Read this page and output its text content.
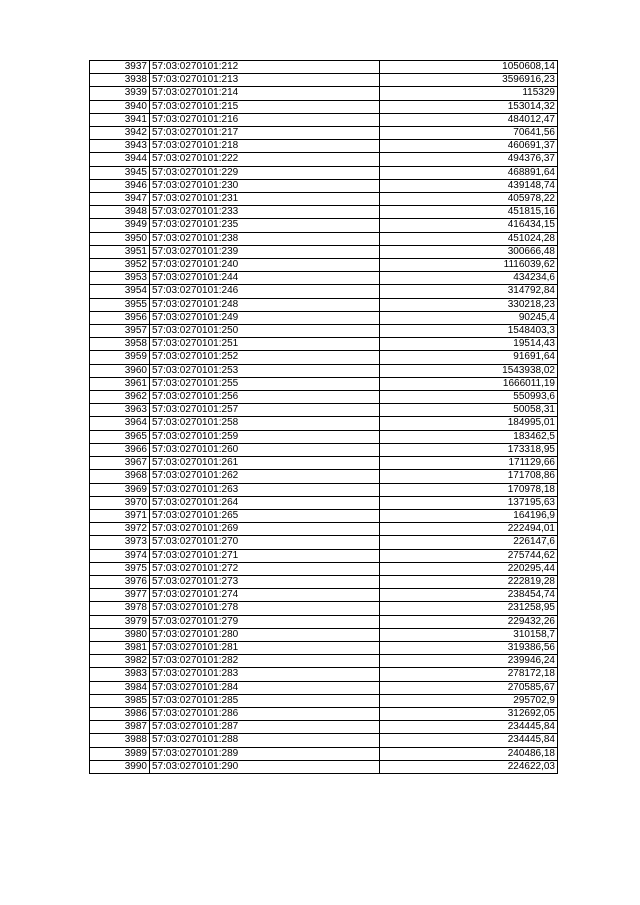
3937	57:03:0270101:212	1050608,14
3938	57:03:0270101:213	3596916,23
3939	57:03:0270101:214	115329
3940	57:03:0270101:215	153014,32
3941	57:03:0270101:216	484012,47
3942	57:03:0270101:217	70641,56
3943	57:03:0270101:218	460691,37
3944	57:03:0270101:222	494376,37
3945	57:03:0270101:229	468891,64
3946	57:03:0270101:230	439148,74
3947	57:03:0270101:231	405978,22
3948	57:03:0270101:233	451815,16
3949	57:03:0270101:235	416434,15
3950	57:03:0270101:238	451024,28
3951	57:03:0270101:239	300666,48
3952	57:03:0270101:240	1116039,62
3953	57:03:0270101:244	434234,6
3954	57:03:0270101:246	314792,84
3955	57:03:0270101:248	330218,23
3956	57:03:0270101:249	90245,4
3957	57:03:0270101:250	1548403,3
3958	57:03:0270101:251	19514,43
3959	57:03:0270101:252	91691,64
3960	57:03:0270101:253	1543938,02
3961	57:03:0270101:255	1666011,19
3962	57:03:0270101:256	550993,6
3963	57:03:0270101:257	50058,31
3964	57:03:0270101:258	184995,01
3965	57:03:0270101:259	183462,5
3966	57:03:0270101:260	173318,95
3967	57:03:0270101:261	171129,66
3968	57:03:0270101:262	171708,86
3969	57:03:0270101:263	170978,18
3970	57:03:0270101:264	137195,63
3971	57:03:0270101:265	164196,9
3972	57:03:0270101:269	222494,01
3973	57:03:0270101:270	226147,6
3974	57:03:0270101:271	275744,62
3975	57:03:0270101:272	220295,44
3976	57:03:0270101:273	222819,28
3977	57:03:0270101:274	238454,74
3978	57:03:0270101:278	231258,95
3979	57:03:0270101:279	229432,26
3980	57:03:0270101:280	310158,7
3981	57:03:0270101:281	319386,56
3982	57:03:0270101:282	239946,24
3983	57:03:0270101:283	278172,18
3984	57:03:0270101:284	270585,67
3985	57:03:0270101:285	295702,9
3986	57:03:0270101:286	312692,05
3987	57:03:0270101:287	234445,84
3988	57:03:0270101:288	234445,84
3989	57:03:0270101:289	240486,18
3990	57:03:0270101:290	224622,03
